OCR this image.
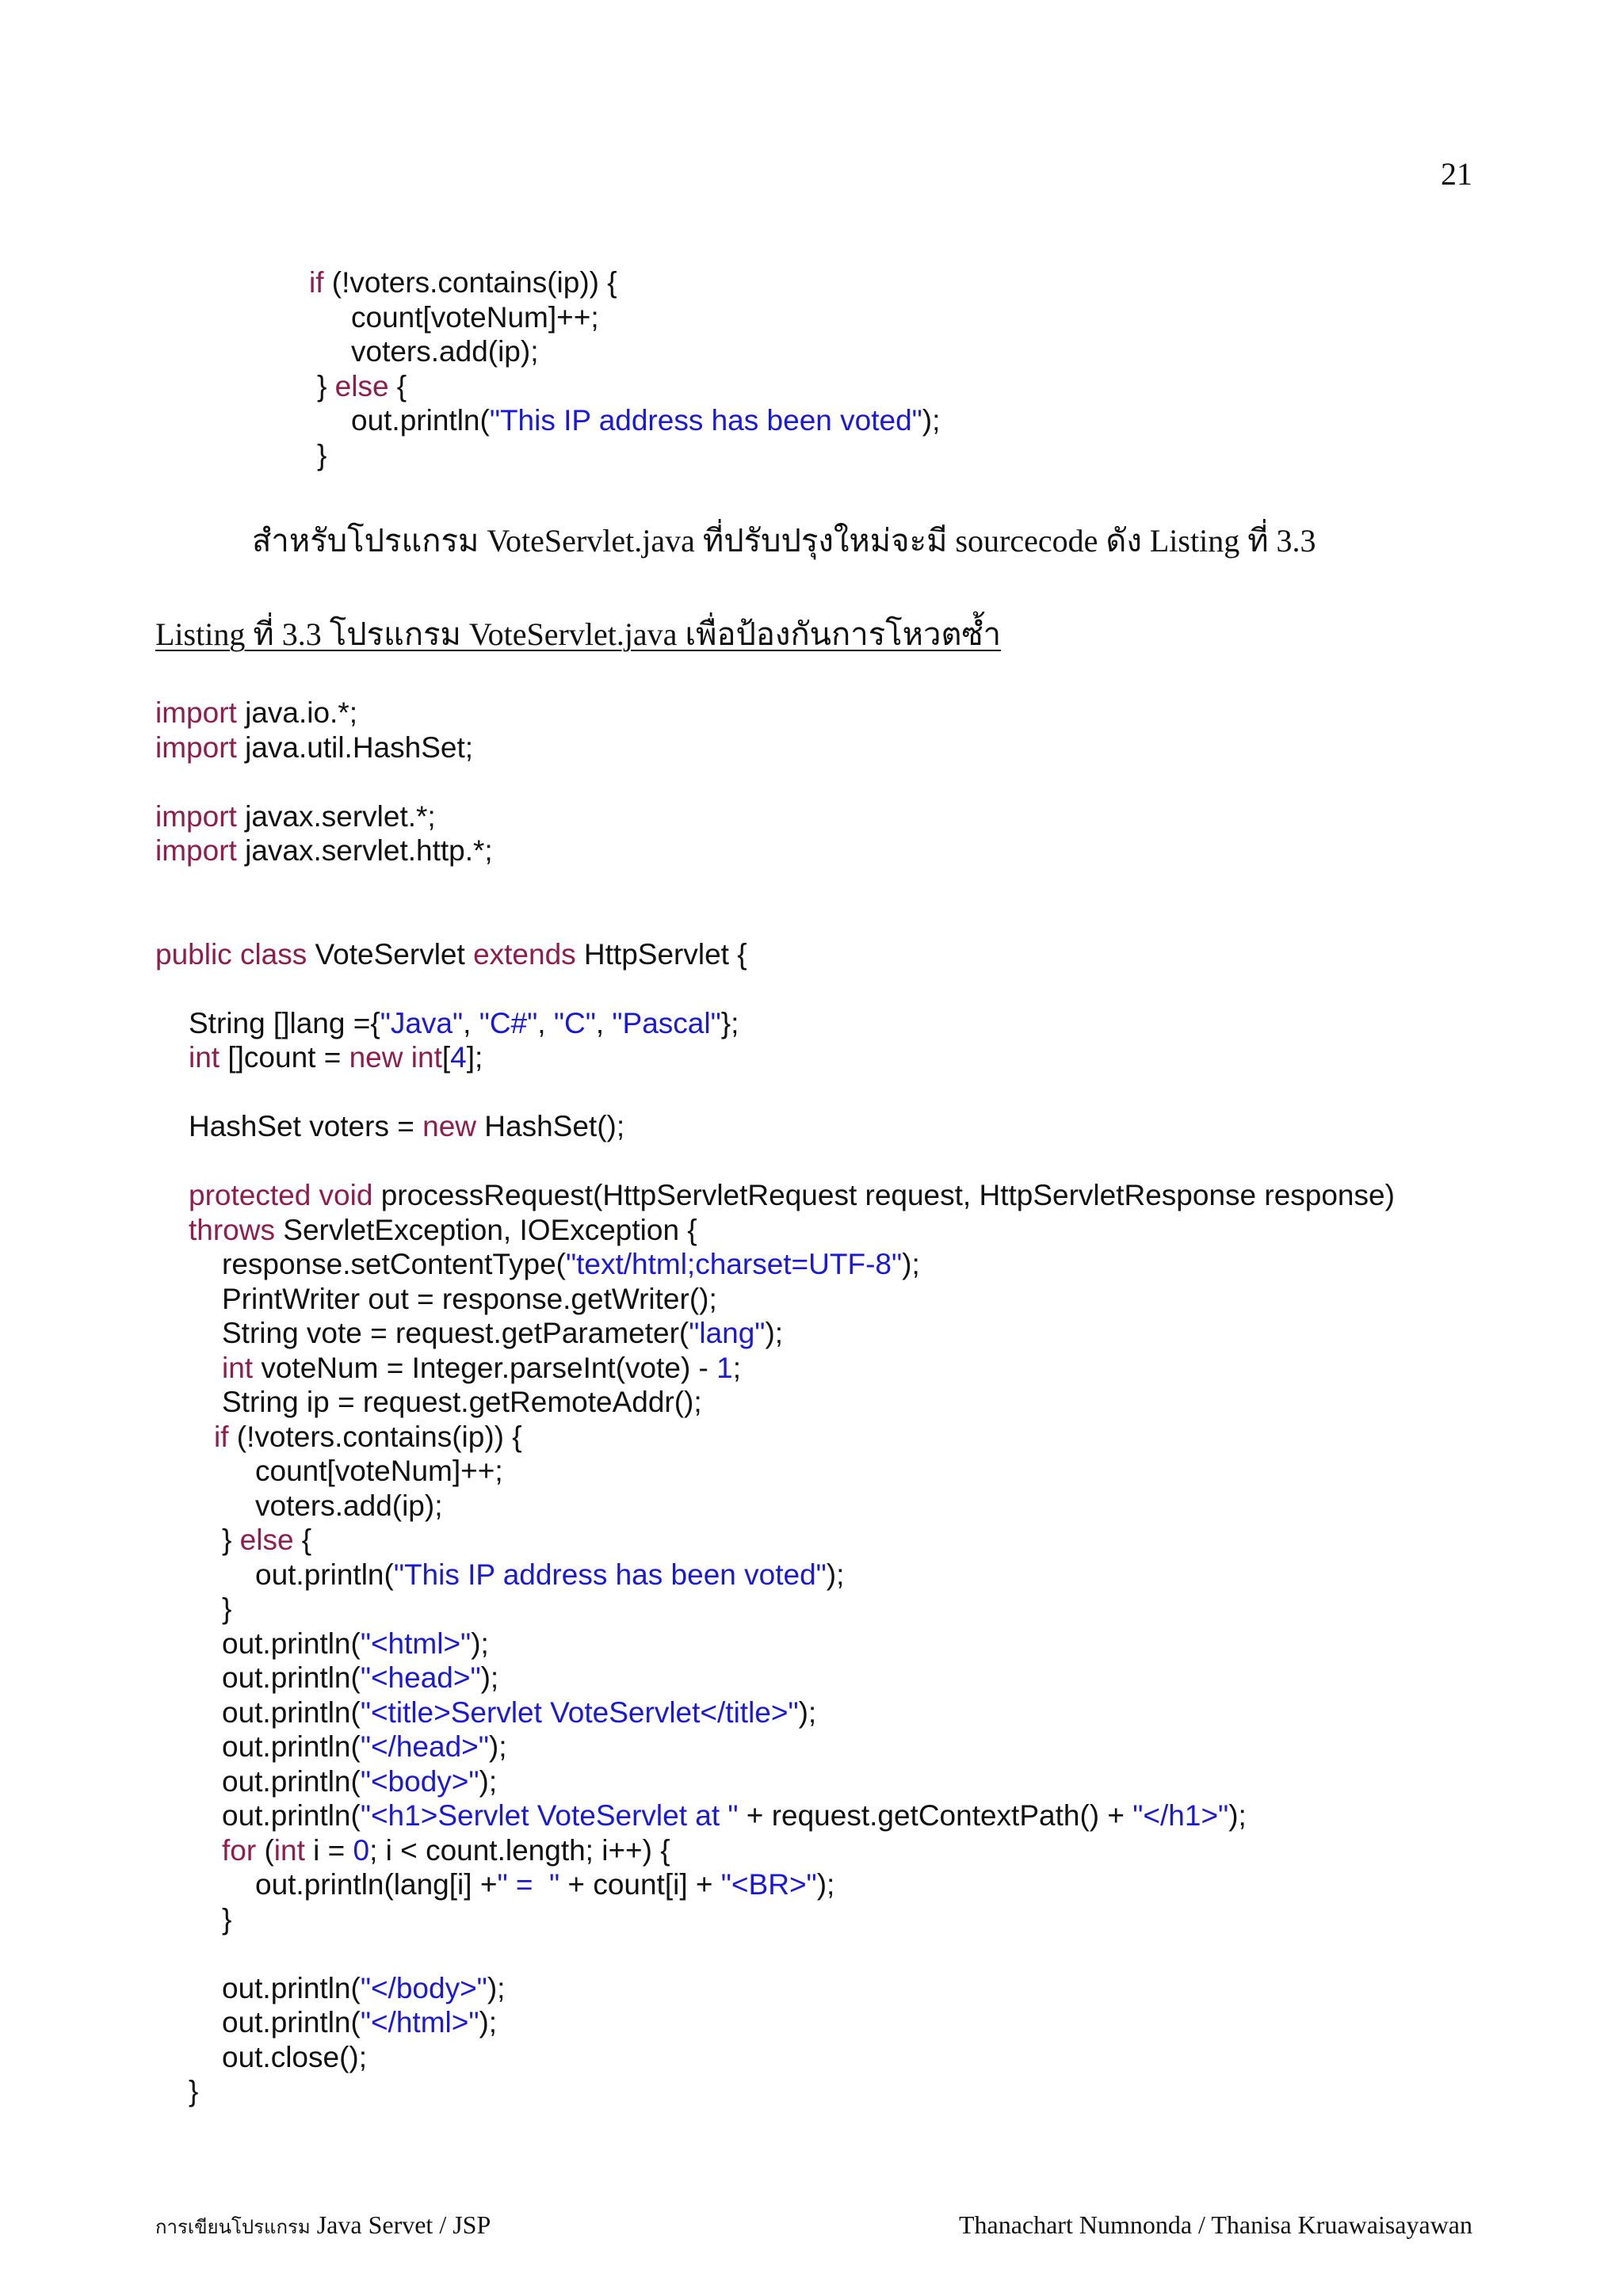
21
if (!voters.contains(ip)) {
count[voteNum]++;
voters.add(ip);
} else {
out.println("This IP address has been voted");
}
สำหรับโปรแกรม VoteServlet.java ที่ปรับปรุงใหม่จะมี sourcecode ดัง Listing ที่ 3.3
Listing ที่ 3.3 โปรแกรม VoteServlet.java เพื่อป้องกันการโหวตซ้ำ
import java.io.*;
import java.util.HashSet;
import javax.servlet.*;
import javax.servlet.http.*;
public class VoteServlet extends HttpServlet {
String []lang ={"Java", "C#", "C", "Pascal"};
int []count = new int[4];
HashSet voters = new HashSet();
protected void processRequest(HttpServletRequest request, HttpServletResponse response)
throws ServletException, IOException {
response.setContentType("text/html;charset=UTF-8");
PrintWriter out = response.getWriter();
String vote = request.getParameter("lang");
int voteNum = Integer.parseInt(vote) - 1;
String ip = request.getRemoteAddr();
if (!voters.contains(ip)) {
count[voteNum]++;
voters.add(ip);
} else {
out.println("This IP address has been voted");
}
out.println("<html>");
out.println("<head>");
out.println("<title>Servlet VoteServlet</title>");
out.println("</head>");
out.println("<body>");
out.println("<h1>Servlet VoteServlet at " + request.getContextPath() + "</h1>");
for (int i = 0; i < count.length; i++) {
out.println(lang[i] +" =  " + count[i] + "<BR>");
}
out.println("</body>");
out.println("</html>");
out.close();
}
การเขียนโปรแกรม Java Servet / JSP	Thanachart Numnonda / Thanisa Kruawaisayawan
